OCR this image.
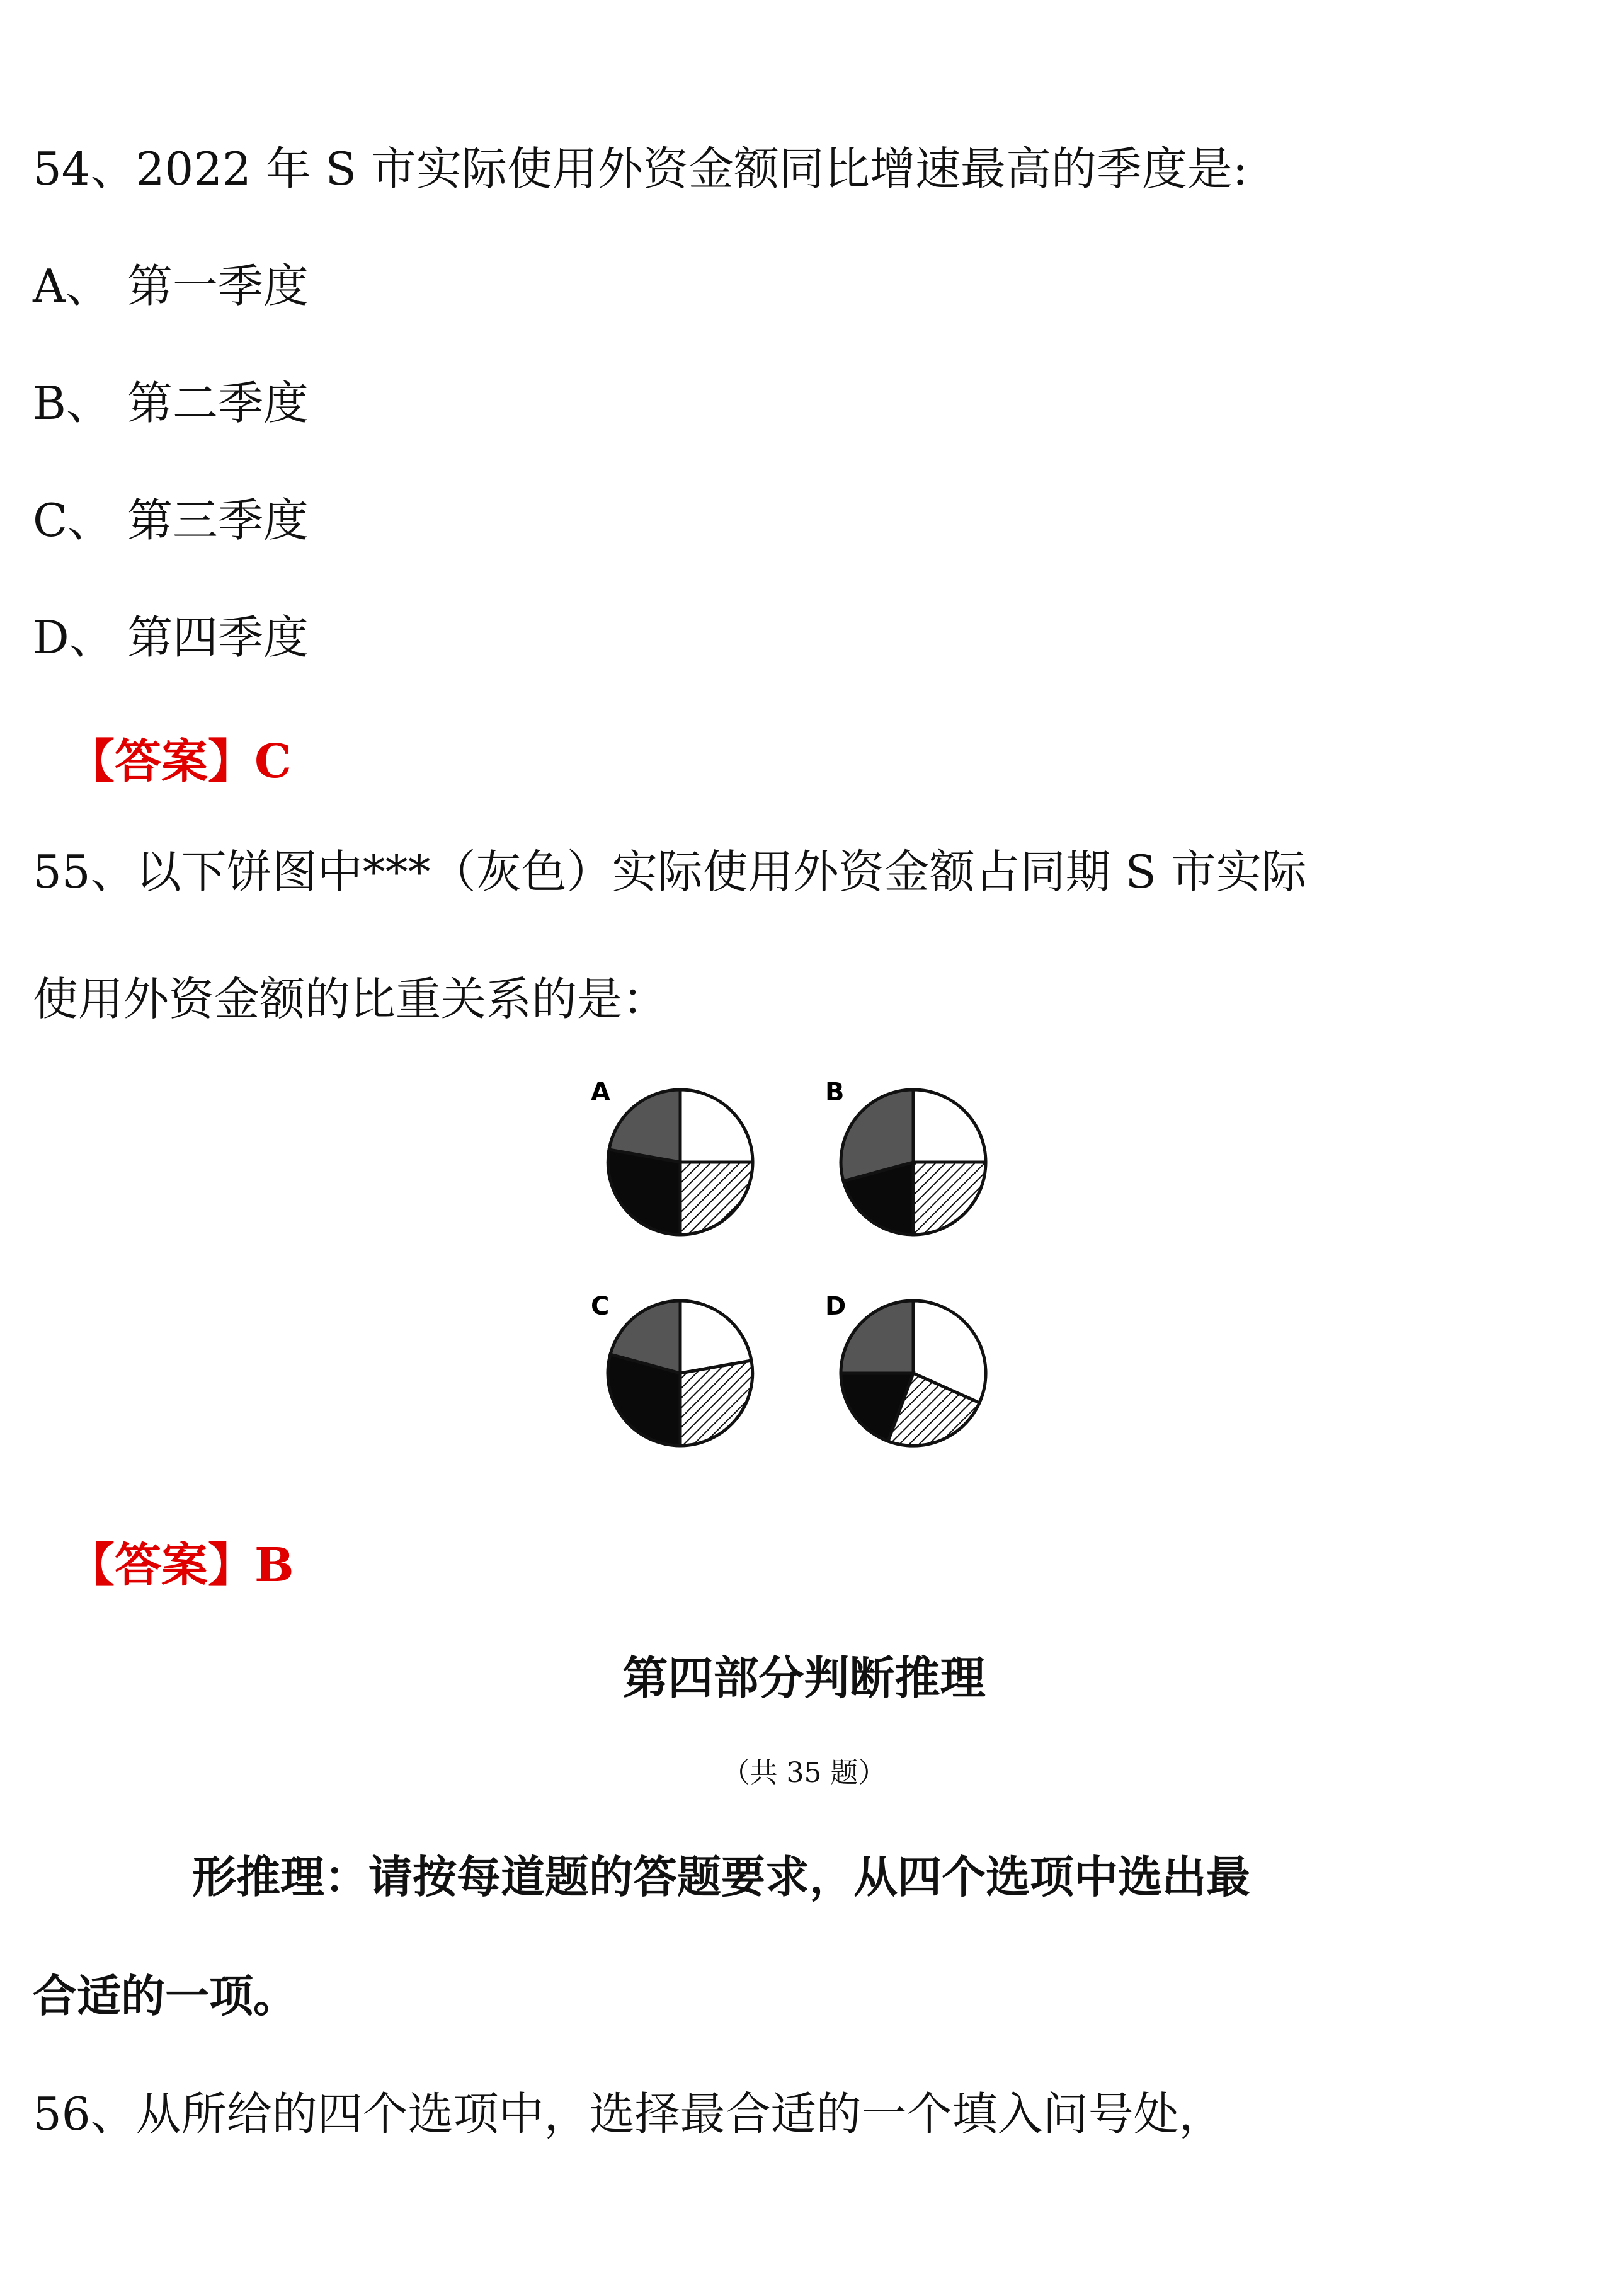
54、2022 年 S 市实际使用外资金额同比增速最高的季度是:
A、 第一季度
B、 第二季度
C、 第三季度
D、 第四季度
【答案】C
55、以下饼图中***（灰色）实际使用外资金额占同期 S 市实际
使用外资金额的比重关系的是：
A	B
C	D
【答案】B
第四部分判断推理
（共 35 题）
形推理：请按每道题的答题要求，从四个选项中选出最
合适的一项。
56、从所给的四个选项中，选择最合适的一个填入问号处，
